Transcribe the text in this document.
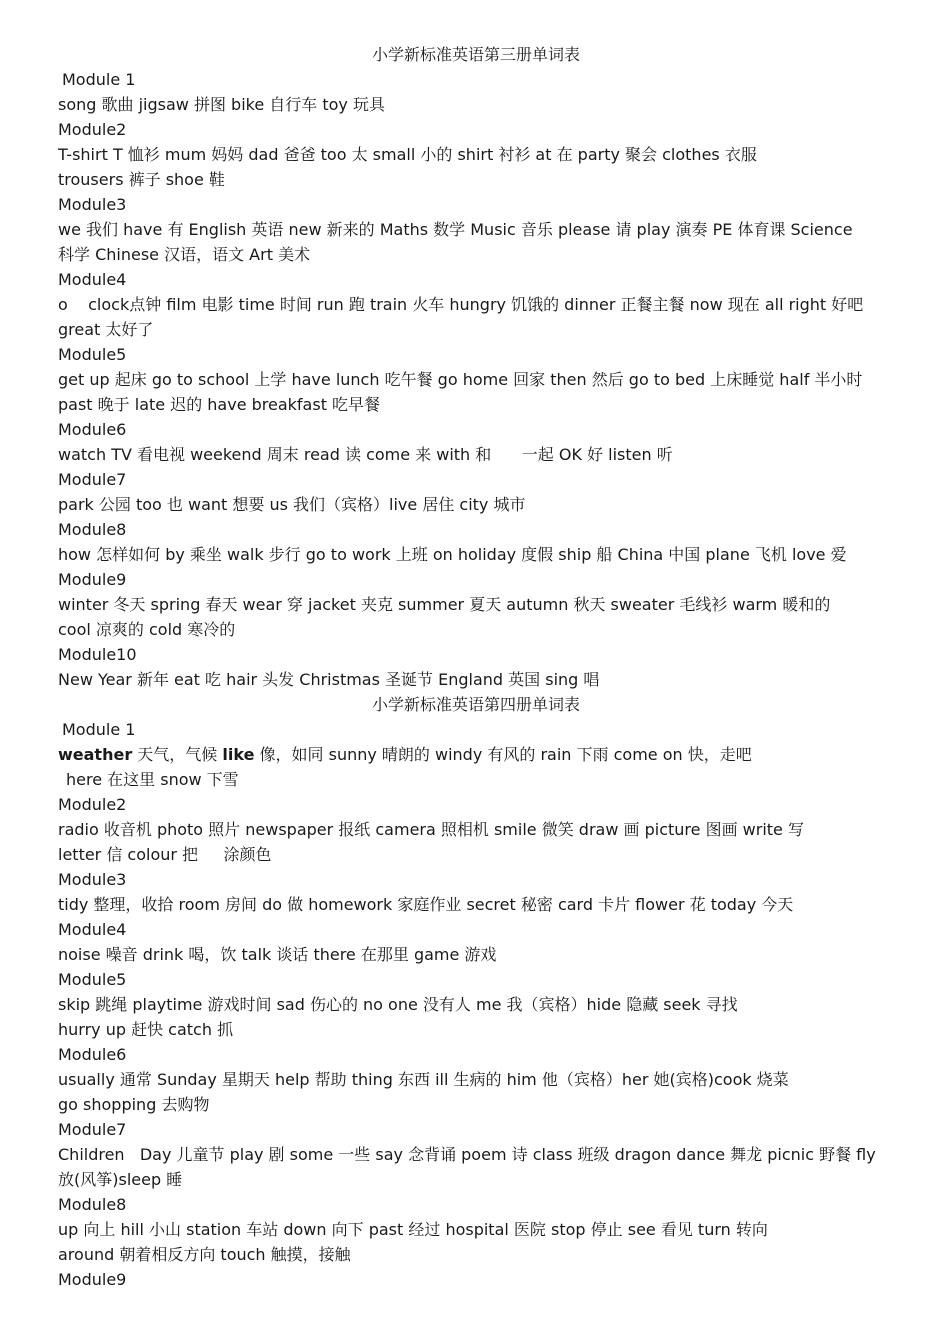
小学新标准英语第三册单词表
Module 1
song 歌曲 jigsaw 拼图 bike 自行车 toy 玩具
Module2
T-shirt T 恤衫 mum 妈妈 dad 爸爸 too 太 small 小的 shirt 衬衫 at 在 party 聚会 clothes 衣服
trousers 裤子 shoe 鞋
Module3
we 我们 have 有 English 英语 new 新来的 Maths 数学 Music 音乐 please 请 play 演奏 PE 体育课 Science
科学 Chinese 汉语，语文 Art 美术
Module4
o    clock点钟 film 电影 time 时间 run 跑 train 火车 hungry 饥饿的 dinner 正餐主餐 now 现在 all right 好吧
great 太好了
Module5
get up 起床 go to school 上学 have lunch 吃午餐 go home 回家 then 然后 go to bed 上床睡觉 half 半小时
past 晚于 late 迟的 have breakfast 吃早餐
Module6
watch TV 看电视 weekend 周末 read 读 come 来 with 和      一起 OK 好 listen 听
Module7
park 公园 too 也 want 想要 us 我们（宾格）live 居住 city 城市
Module8
how 怎样如何 by 乘坐 walk 步行 go to work 上班 on holiday 度假 ship 船 China 中国 plane 飞机 love 爱
Module9
winter 冬天 spring 春天 wear 穿 jacket 夹克 summer 夏天 autumn 秋天 sweater 毛线衫 warm 暖和的
cool 凉爽的 cold 寒冷的
Module10
New Year 新年 eat 吃 hair 头发 Christmas 圣诞节 England 英国 sing 唱
小学新标准英语第四册单词表
Module 1
weather 天气，气候 like 像，如同 sunny 晴朗的 windy 有风的 rain 下雨 come on 快，走吧
here 在这里 snow 下雪
Module2
radio 收音机 photo 照片 newspaper 报纸 camera 照相机 smile 微笑 draw 画 picture 图画 write 写
letter 信 colour 把     涂颜色
Module3
tidy 整理，收拾 room 房间 do 做 homework 家庭作业 secret 秘密 card 卡片 flower 花 today 今天
Module4
noise 噪音 drink 喝，饮 talk 谈话 there 在那里 game 游戏
Module5
skip 跳绳 playtime 游戏时间 sad 伤心的 no one 没有人 me 我（宾格）hide 隐藏 seek 寻找
hurry up 赶快 catch 抓
Module6
usually 通常 Sunday 星期天 help 帮助 thing 东西 ill 生病的 him 他（宾格）her 她(宾格)cook 烧菜
go shopping 去购物
Module7
Children   Day 儿童节 play 剧 some 一些 say 念背诵 poem 诗 class 班级 dragon dance 舞龙 picnic 野餐 fly
放(风筝)sleep 睡
Module8
up 向上 hill 小山 station 车站 down 向下 past 经过 hospital 医院 stop 停止 see 看见 turn 转向
around 朝着相反方向 touch 触摸，接触
Module9
